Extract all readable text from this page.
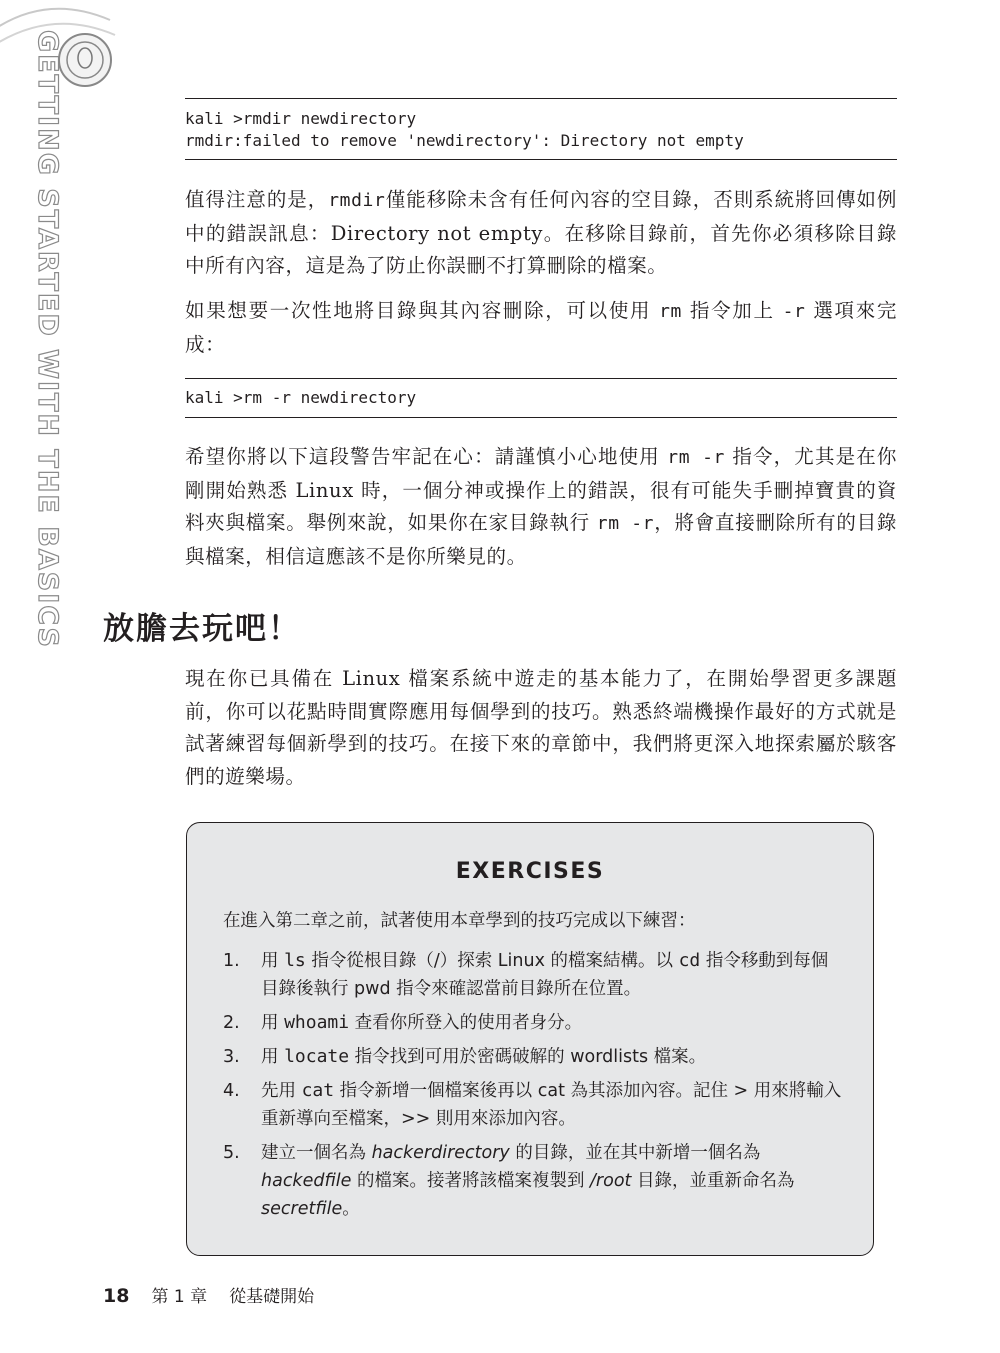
GETTING STARTED WITH THE BASICS	kali >rmdir newdirectory
rmdir:failed to remove 'newdirectory': Directory not empty

值得注意的是，rmdir僅能移除未含有任何內容的空目錄，否則系統將回傳如例中的錯誤訊息：Directory not empty。在移除目錄前，首先你必須移除目錄中所有內容，這是為了防止你誤刪不打算刪除的檔案。

如果想要一次性地將目錄與其內容刪除，可以使用 rm 指令加上 -r 選項來完成：

kali >rm -r newdirectory

希望你將以下這段警告牢記在心：請謹慎小心地使用 rm -r 指令，尤其是在你剛開始熟悉 Linux 時，一個分神或操作上的錯誤，很有可能失手刪掉寶貴的資料夾與檔案。舉例來說，如果你在家目錄執行 rm -r，將會直接刪除所有的目錄與檔案，相信這應該不是你所樂見的。

放膽去玩吧！

現在你已具備在 Linux 檔案系統中遊走的基本能力了，在開始學習更多課題前，你可以花點時間實際應用每個學到的技巧。熟悉終端機操作最好的方式就是試著練習每個新學到的技巧。在接下來的章節中，我們將更深入地探索屬於駭客們的遊樂場。

EXERCISES
在進入第二章之前，試著使用本章學到的技巧完成以下練習：
1.	用 ls 指令從根目錄（/）探索 Linux 的檔案結構。以 cd 指令移動到每個目錄後執行 pwd 指令來確認當前目錄所在位置。
2.	用 whoami 查看你所登入的使用者身分。
3.	用 locate 指令找到可用於密碼破解的 wordlists 檔案。
4.	先用 cat 指令新增一個檔案後再以 cat 為其添加內容。記住 > 用來將輸入重新導向至檔案，>> 則用來添加內容。
5.	建立一個名為 hackerdirectory 的目錄，並在其中新增一個名為 hackedfile 的檔案。接著將該檔案複製到 /root 目錄，並重新命名為 secretfile。
18 第 1 章 從基礎開始
